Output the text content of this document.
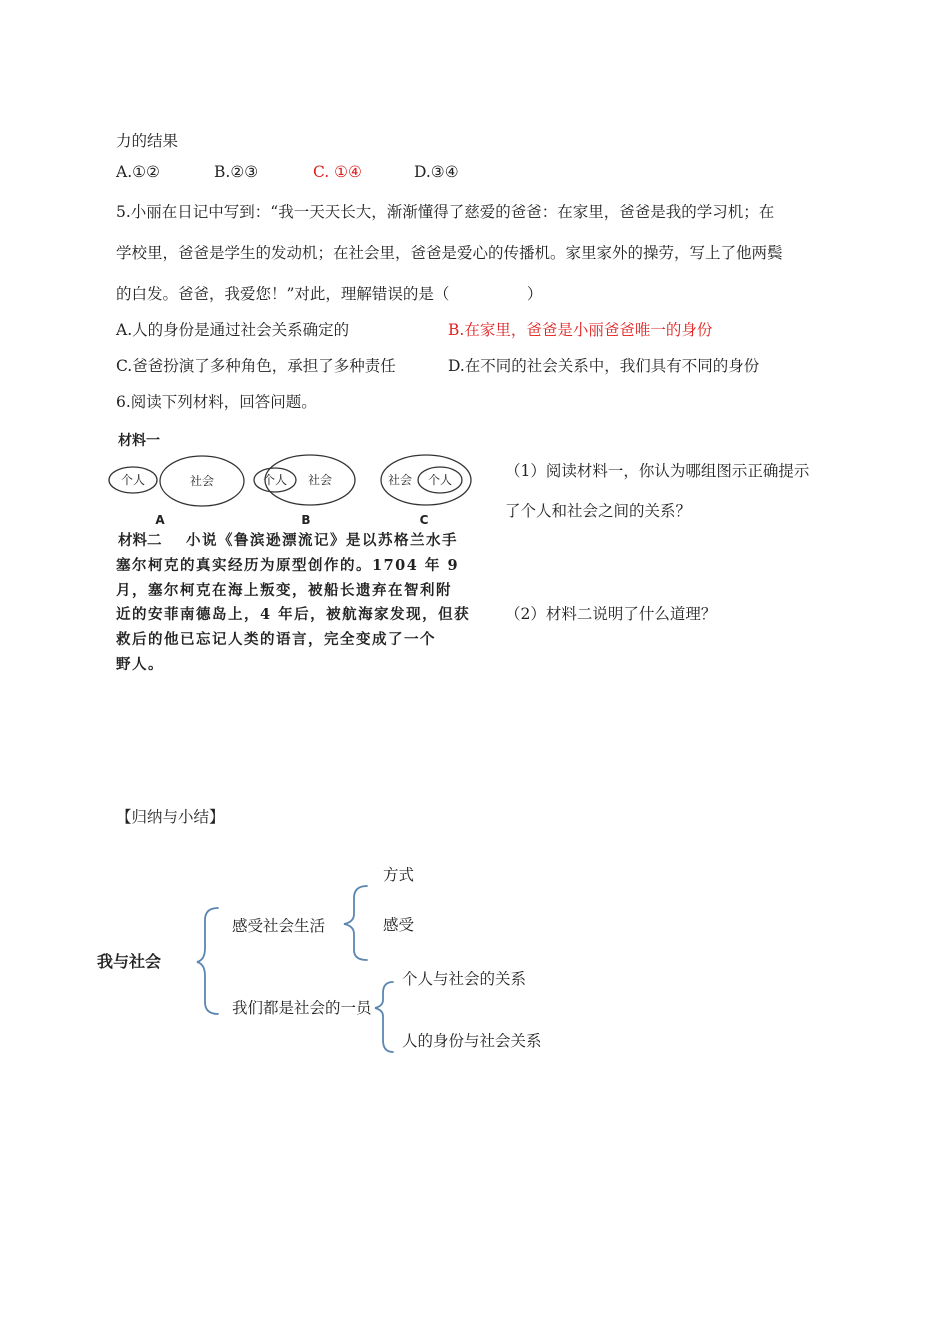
力的结果
A.①②	B.②③	C. ①④	D.③④
5.小丽在日记中写到：“我一天天长大，渐渐懂得了慈爱的爸爸：在家里，爸爸是我的学习机；在
学校里，爸爸是学生的发动机；在社会里，爸爸是爱心的传播机。家里家外的操劳，写上了他两鬓
的白发。爸爸，我爱您！”对此，理解错误的是（　　　　　）
A.人的身份是通过社会关系确定的	B.在家里，爸爸是小丽爸爸唯一的身份
C.爸爸扮演了多种角色，承担了多种责任	D.在不同的社会关系中，我们具有不同的身份
6.阅读下列材料，回答问题。
材料一
个人	社会	个人 社会	社会 个人
A	B	C
材料二 小说《鲁滨逊漂流记》是以苏格兰水手
塞尔柯克的真实经历为原型创作的。1704 年 9
月，塞尔柯克在海上叛变，被船长遗弃在智利附
近的安菲南德岛上，4 年后，被航海家发现，但获
救后的他已忘记人类的语言，完全变成了一个
野人。
（1）阅读材料一，你认为哪组图示正确提示
了个人和社会之间的关系？
（2）材料二说明了什么道理？
【归纳与小结】
我与社会
感受社会生活
方式
感受
我们都是社会的一员
个人与社会的关系
人的身份与社会关系
